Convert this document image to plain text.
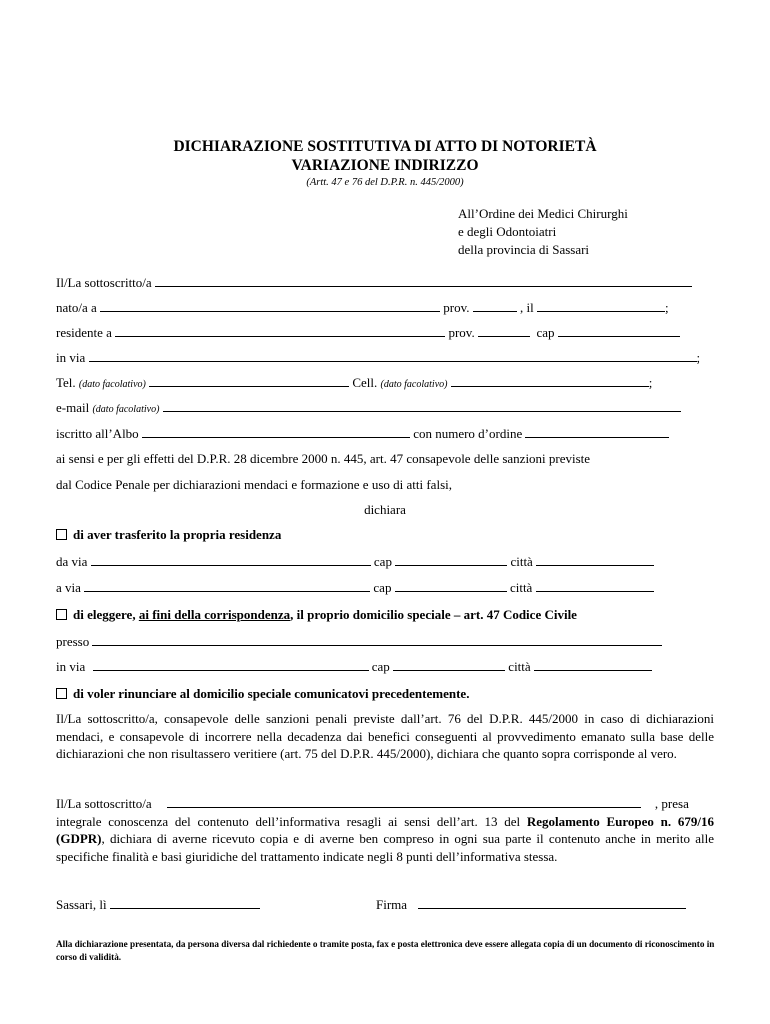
DICHIARAZIONE SOSTITUTIVA DI ATTO DI NOTORIETÀ
VARIAZIONE INDIRIZZO
(Artt. 47 e 76 del D.P.R. n. 445/2000)
All’Ordine dei Medici Chirurghi
e degli Odontoiatri
della provincia di Sassari
Il/La sottoscritto/a
nato/a a	prov.	, il	;
residente a	prov.	cap
in via	;
Tel. (dato facolativo)	Cell. (dato facolativo)	;
e-mail (dato facolativo)
iscritto all’Albo	con numero d’ordine
ai sensi e per gli effetti del D.P.R. 28 dicembre 2000 n. 445, art. 47 consapevole delle sanzioni previste
dal Codice Penale per dichiarazioni mendaci e formazione e uso di atti falsi,
dichiara
di aver trasferito la propria residenza
da via	cap	città
a via	cap	città
di eleggere, ai fini della corrispondenza, il proprio domicilio speciale – art. 47 Codice Civile
presso
in via	cap	città
di voler rinunciare al domicilio speciale comunicatovi precedentemente.
Il/La sottoscritto/a, consapevole delle sanzioni penali previste dall’art. 76 del D.P.R. 445/2000 in caso di dichiarazioni mendaci, e consapevole di incorrere nella decadenza dai benefici conseguenti al provvedimento emanato sulla base delle dichiarazioni che non risultassero veritiere (art. 75 del D.P.R. 445/2000), dichiara che quanto sopra corrisponde al vero.
Il/La sottoscritto/a	, presa
integrale conoscenza del contenuto dell’informativa resagli ai sensi dell’art. 13 del Regolamento Europeo n. 679/16 (GDPR), dichiara di averne ricevuto copia e di averne ben compreso in ogni sua parte il contenuto anche in merito alle specifiche finalità e basi giuridiche del trattamento indicate negli 8 punti dell’informativa stessa.
Sassari, lì	Firma
Alla dichiarazione presentata, da persona diversa dal richiedente o tramite posta, fax e posta elettronica deve essere allegata copia di un documento di riconoscimento in corso di validità.
